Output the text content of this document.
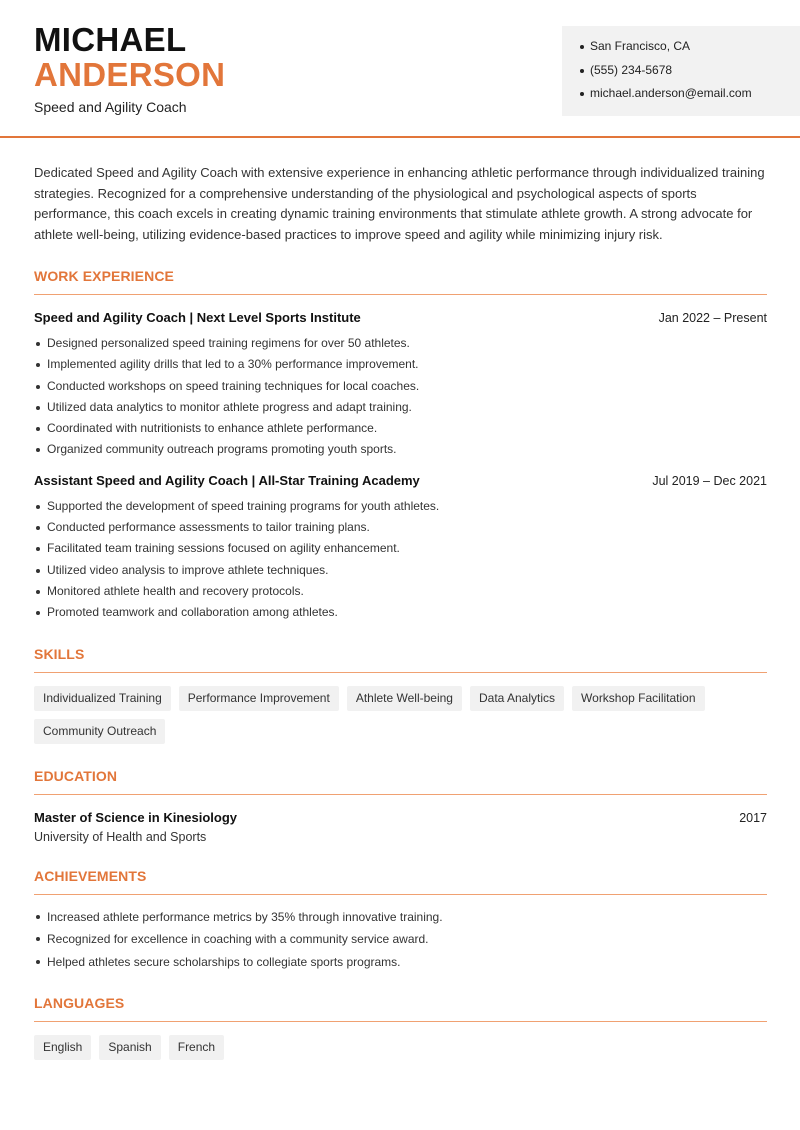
MICHAEL
ANDERSON
Speed and Agility Coach
San Francisco, CA
(555) 234-5678
michael.anderson@email.com

Dedicated Speed and Agility Coach with extensive experience in enhancing athletic performance through individualized training strategies. Recognized for a comprehensive understanding of the physiological and psychological aspects of sports performance, this coach excels in creating dynamic training environments that stimulate athlete growth. A strong advocate for athlete well-being, utilizing evidence-based practices to improve speed and agility while minimizing injury risk.

WORK EXPERIENCE
Speed and Agility Coach | Next Level Sports Institute	Jan 2022 – Present
Designed personalized speed training regimens for over 50 athletes.
Implemented agility drills that led to a 30% performance improvement.
Conducted workshops on speed training techniques for local coaches.
Utilized data analytics to monitor athlete progress and adapt training.
Coordinated with nutritionists to enhance athlete performance.
Organized community outreach programs promoting youth sports.
Assistant Speed and Agility Coach | All-Star Training Academy	Jul 2019 – Dec 2021
Supported the development of speed training programs for youth athletes.
Conducted performance assessments to tailor training plans.
Facilitated team training sessions focused on agility enhancement.
Utilized video analysis to improve athlete techniques.
Monitored athlete health and recovery protocols.
Promoted teamwork and collaboration among athletes.
SKILLS
Individualized Training	Performance Improvement	Athlete Well-being	Data Analytics	Workshop Facilitation
Community Outreach
EDUCATION
Master of Science in Kinesiology	2017
University of Health and Sports
ACHIEVEMENTS
Increased athlete performance metrics by 35% through innovative training.
Recognized for excellence in coaching with a community service award.
Helped athletes secure scholarships to collegiate sports programs.
LANGUAGES
English	Spanish	French
